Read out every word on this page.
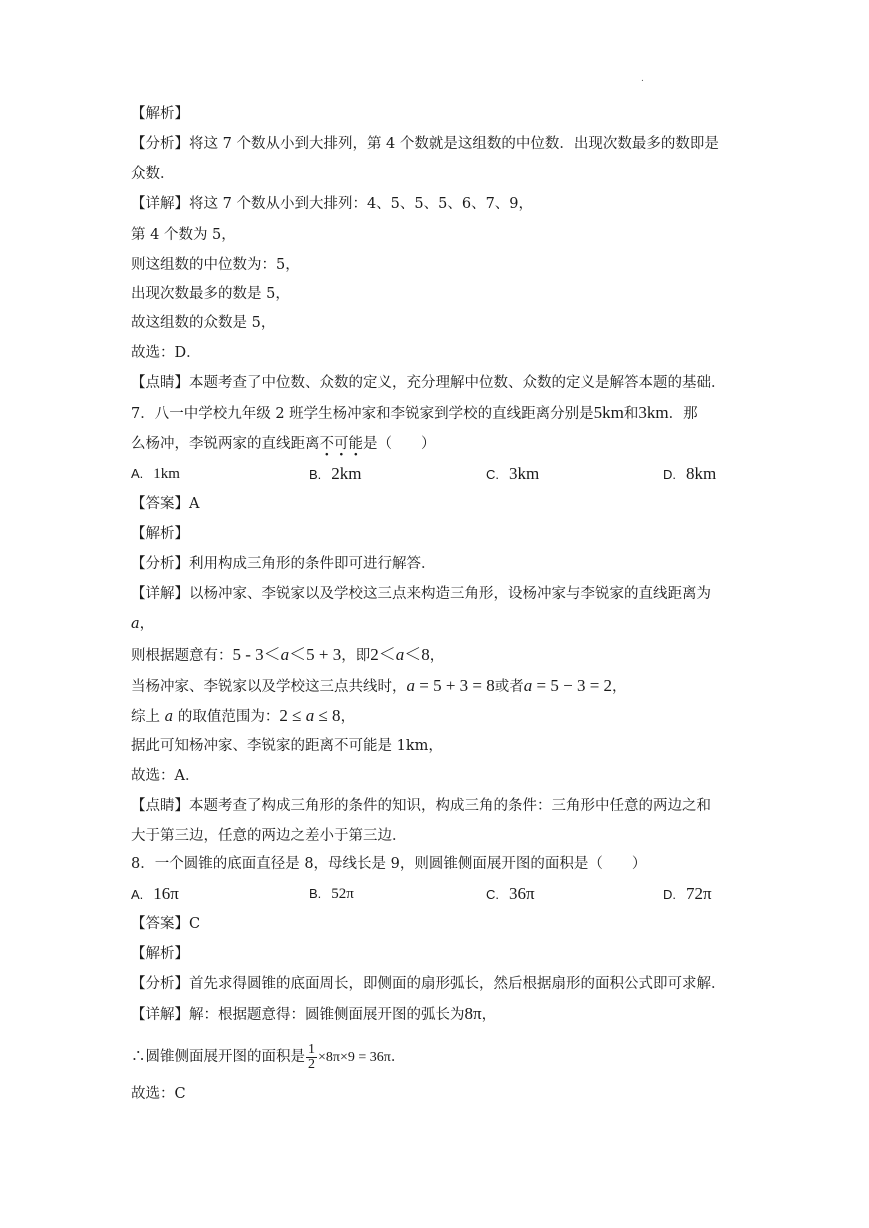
.
【解析】
【分析】将这 7 个数从小到大排列，第 4 个数就是这组数的中位数．出现次数最多的数即是
众数．
【详解】将这 7 个数从小到大排列：4、5、5、5、6、7、9，
第 4 个数为 5，
则这组数的中位数为：5，
出现次数最多的数是 5，
故这组数的众数是 5，
故选：D．
【点睛】本题考查了中位数、众数的定义，充分理解中位数、众数的定义是解答本题的基础．
7．八一中学校九年级 2 班学生杨冲家和李锐家到学校的直线距离分别是5km和3km．那
么杨冲，李锐两家的直线距离不可能是（　　）
A. 1km	B. 2km	C. 3km	D. 8km
【答案】A
【解析】
【分析】利用构成三角形的条件即可进行解答．
【详解】以杨冲家、李锐家以及学校这三点来构造三角形，设杨冲家与李锐家的直线距离为
a，
则根据题意有：5 - 3＜a＜5 + 3，即2＜a＜8，
当杨冲家、李锐家以及学校这三点共线时，a = 5 + 3 = 8或者a = 5 − 3 = 2，
综上 a 的取值范围为：2 ≤ a ≤ 8，
据此可知杨冲家、李锐家的距离不可能是 1km，
故选：A．
【点睛】本题考查了构成三角形的条件的知识，构成三角的条件：三角形中任意的两边之和
大于第三边，任意的两边之差小于第三边．
8．一个圆锥的底面直径是 8，母线长是 9，则圆锥侧面展开图的面积是（　　）
A. 16π	B. 52π	C. 36π	D. 72π
【答案】C
【解析】
【分析】首先求得圆锥的底面周长，即侧面的扇形弧长，然后根据扇形的面积公式即可求解．
【详解】解：根据题意得：圆锥侧面展开图的弧长为8π，
∴圆锥侧面展开图的面积是 $\frac{1}{2} \times 8\pi\times 9 = 36\pi$．
故选：C
